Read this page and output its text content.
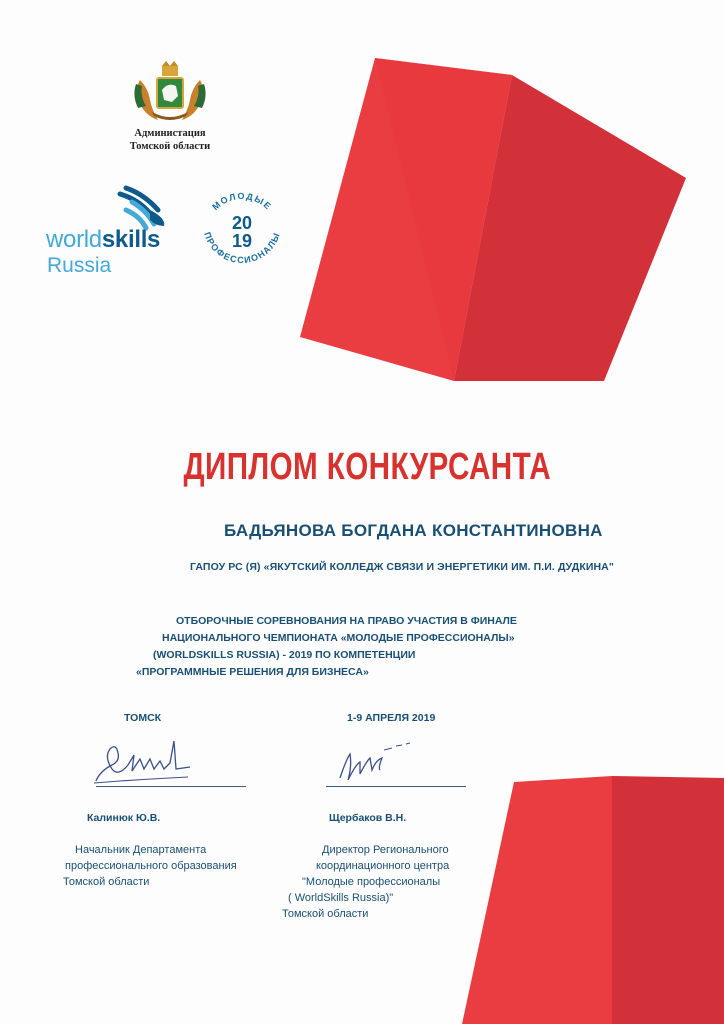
Администация
Томской области
worldskills
Russia
МОЛОДЫЕ
ПРОФЕССИОНАЛЫ
20
19
ДИПЛОМ КОНКУРСАНТА
БАДЬЯНОВА БОГДАНА КОНСТАНТИНОВНА
ГАПОУ РС (Я) «ЯКУТСКИЙ КОЛЛЕДЖ СВЯЗИ И ЭНЕРГЕТИКИ ИМ. П.И. ДУДКИНА"
ОТБОРОЧНЫЕ СОРЕВНОВАНИЯ НА ПРАВО УЧАСТИЯ В ФИНАЛЕ
НАЦИОНАЛЬНОГО ЧЕМПИОНАТА «МОЛОДЫЕ ПРОФЕССИОНАЛЫ»
(WORLDSKILLS RUSSIA) - 2019 ПО КОМПЕТЕНЦИИ
«ПРОГРАММНЫЕ РЕШЕНИЯ ДЛЯ БИЗНЕСА»
ТОМСК	1-9 АПРЕЛЯ 2019
Калинюк Ю.В.	Щербаков В.Н.
Начальник Департамента
профессионального образования
Томской области
Директор Регионального
координационного центра
"Молодые профессионалы
( WorldSkills Russia)"
Томской области
